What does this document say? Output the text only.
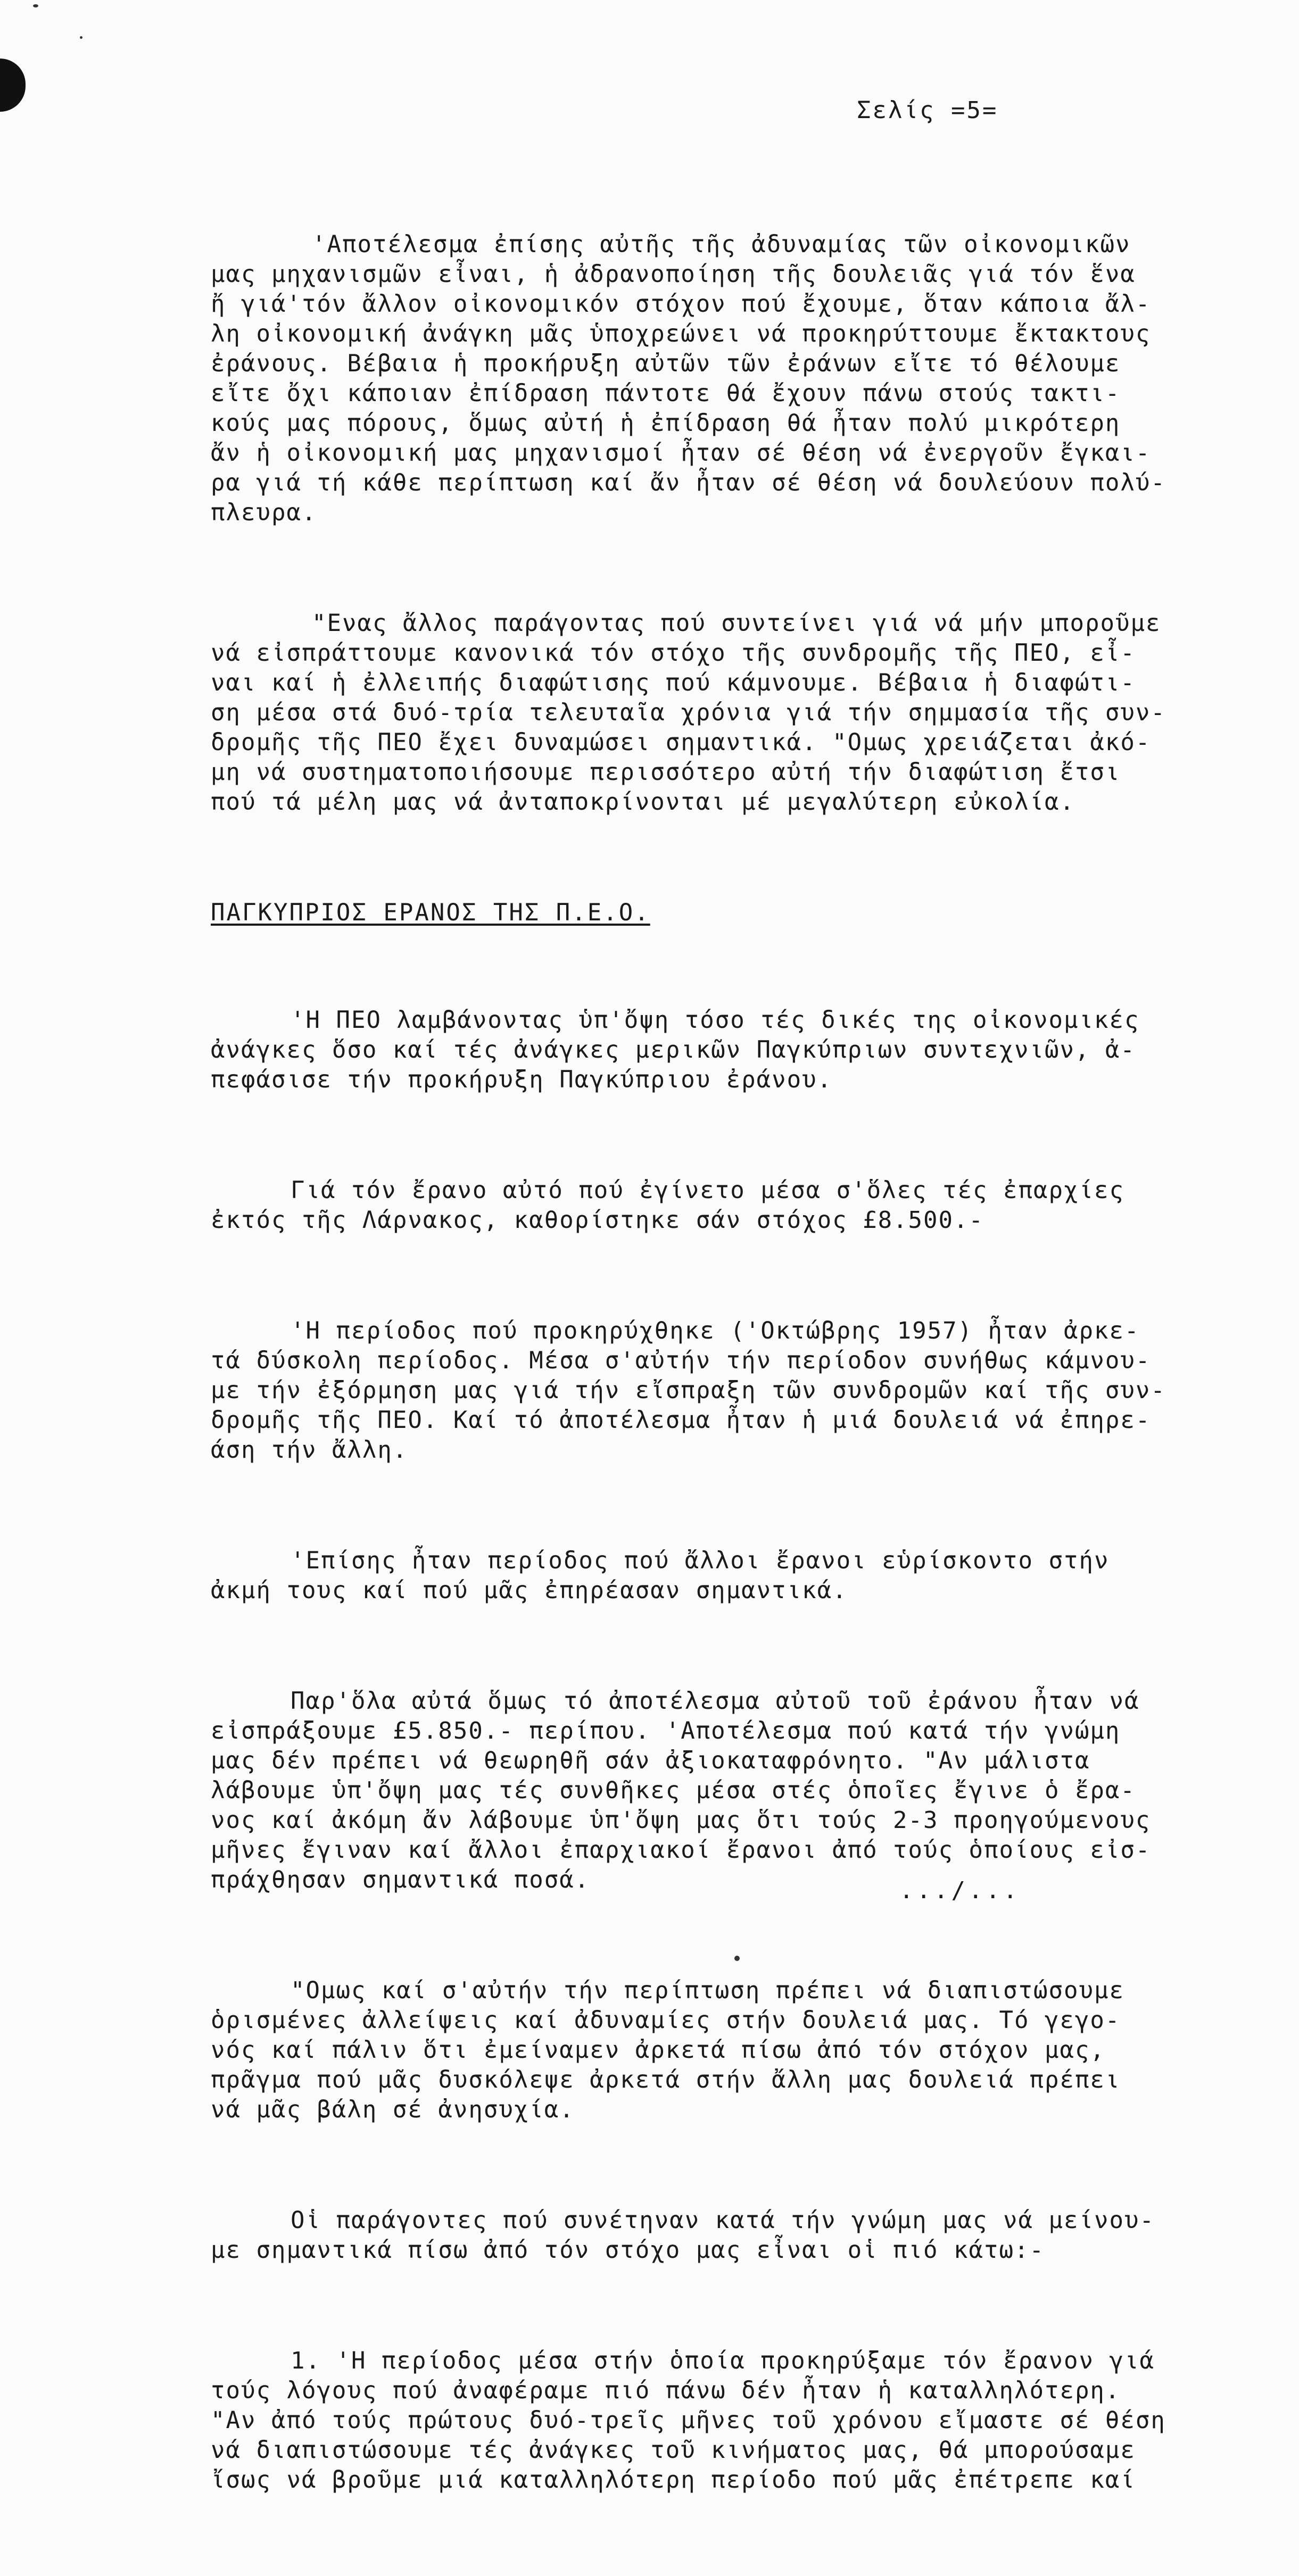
Σελίς =5=

'Αποτέλεσμα ἐπίσης αὐτῆς τῆς ἀδυναμίας τῶν οἰκονομικῶν
μας μηχανισμῶν εἶναι, ἡ ἀδρανοποίηση τῆς δουλειᾶς γιά τόν ἕνα
ἤ γιά'τόν ἄλλον οἰκονομικόν στόχον πού ἔχουμε, ὅταν κάποια ἄλ-
λη οἰκονομική ἀνάγκη μᾶς ὑποχρεώνει νά προκηρύττουμε ἔκτακτους
ἐράνους. Βέβαια ἡ προκήρυξη αὐτῶν τῶν ἐράνων εἴτε τό θέλουμε
εἴτε ὄχι κάποιαν ἐπίδραση πάντοτε θά ἔχουν πάνω στούς τακτι-
κούς μας πόρους, ὅμως αὐτή ἡ ἐπίδραση θά ἦταν πολύ μικρότερη
ἄν ἡ οἰκονομική μας μηχανισμοί ἦταν σέ θέση νά ἐνεργοῦν ἔγκαι-
ρα γιά τή κάθε περίπτωση καί ἄν ἦταν σέ θέση νά δουλεύουν πολύ-
πλευρα.

"Ενας ἄλλος παράγοντας πού συντείνει γιά νά μήν μποροῦμε
νά εἰσπράττουμε κανονικά τόν στόχο τῆς συνδρομῆς τῆς ΠΕΟ, εἶ-
ναι καί ἡ ἐλλειπής διαφώτισης πού κάμνουμε. Βέβαια ἡ διαφώτι-
ση μέσα στά δυό-τρία τελευταῖα χρόνια γιά τήν σημμασία τῆς συν-
δρομῆς τῆς ΠΕΟ ἔχει δυναμώσει σημαντικά. "Ομως χρειάζεται ἀκό-
μη νά συστηματοποιήσουμε περισσότερο αὐτή τήν διαφώτιση ἔτσι
πού τά μέλη μας νά ἀνταποκρίνονται μέ μεγαλύτερη εὐκολία.

ΠΑΓΚΥΠΡΙΟΣ ΕΡΑΝΟΣ ΤΗΣ Π.Ε.Ο.

'Η ΠΕΟ λαμβάνοντας ὑπ'ὄψη τόσο τές δικές της οἰκονομικές
ἀνάγκες ὅσο καί τές ἀνάγκες μερικῶν Παγκύπριων συντεχνιῶν, ἀ-
πεφάσισε τήν προκήρυξη Παγκύπριου ἐράνου.

Γιά τόν ἔρανο αὐτό πού ἐγίνετο μέσα σ'ὅλες τές ἐπαρχίες
ἐκτός τῆς Λάρνακος, καθορίστηκε σάν στόχος £8.500.-

'Η περίοδος πού προκηρύχθηκε ('Οκτώβρης 1957) ἦταν ἀρκε-
τά δύσκολη περίοδος. Μέσα σ'αὐτήν τήν περίοδον συνήθως κάμνου-
με τήν ἐξόρμηση μας γιά τήν εἴσπραξη τῶν συνδρομῶν καί τῆς συν-
δρομῆς τῆς ΠΕΟ. Καί τό ἀποτέλεσμα ἦταν ἡ μιά δουλειά νά ἐπηρε-
άση τήν ἄλλη.

'Επίσης ἦταν περίοδος πού ἄλλοι ἔρανοι εὑρίσκοντο στήν
ἀκμή τους καί πού μᾶς ἐπηρέασαν σημαντικά.

Παρ'ὅλα αὐτά ὅμως τό ἀποτέλεσμα αὐτοῦ τοῦ ἐράνου ἦταν νά
εἰσπράξουμε £5.850.- περίπου. 'Αποτέλεσμα πού κατά τήν γνώμη
μας δέν πρέπει νά θεωρηθῆ σάν ἀξιοκαταφρόνητο. "Αν μάλιστα
λάβουμε ὑπ'ὄψη μας τές συνθῆκες μέσα στές ὁποῖες ἔγινε ὁ ἔρα-
νος καί ἀκόμη ἄν λάβουμε ὑπ'ὄψη μας ὅτι τούς 2-3 προηγούμενους
μῆνες ἔγιναν καί ἄλλοι ἐπαρχιακοί ἔρανοι ἀπό τούς ὁποίους εἰσ-
πράχθησαν σημαντικά ποσά.

"Ομως καί σ'αὐτήν τήν περίπτωση πρέπει νά διαπιστώσουμε
ὁρισμένες ἀλλείψεις καί ἀδυναμίες στήν δουλειά μας. Τό γεγο-
νός καί πάλιν ὅτι ἐμείναμεν ἀρκετά πίσω ἀπό τόν στόχον μας,
πρᾶγμα πού μᾶς δυσκόλεψε ἀρκετά στήν ἄλλη μας δουλειά πρέπει
νά μᾶς βάλη σέ ἀνησυχία.

Οἱ παράγοντες πού συνέτηναν κατά τήν γνώμη μας νά μείνου-
με σημαντικά πίσω ἀπό τόν στόχο μας εἶναι οἱ πιό κάτω:-

1. 'Η περίοδος μέσα στήν ὁποία προκηρύξαμε τόν ἔρανον γιά
τούς λόγους πού ἀναφέραμε πιό πάνω δέν ἦταν ἡ καταλληλότερη.
"Αν ἀπό τούς πρώτους δυό-τρεῖς μῆνες τοῦ χρόνου εἴμαστε σέ θέση
νά διαπιστώσουμε τές ἀνάγκες τοῦ κινήματος μας, θά μπορούσαμε
ἴσως νά βροῦμε μιά καταλληλότερη περίοδο πού μᾶς ἐπέτρεπε καί

.../...
